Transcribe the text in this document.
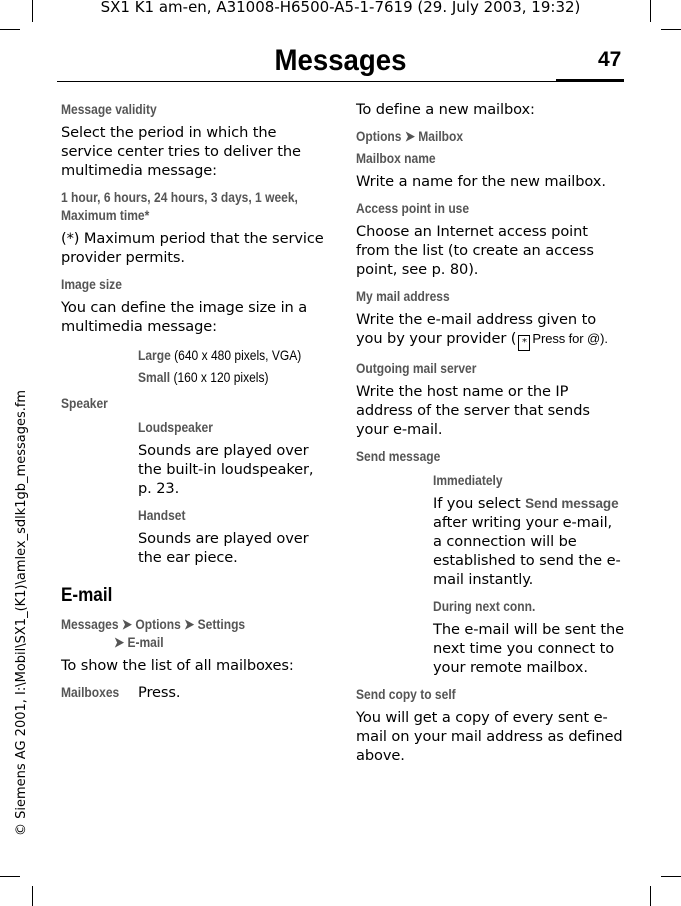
SX1 K1 am-en, A31008-H6500-A5-1-7619 (29. July 2003, 19:32)
Messages	47
© Siemens AG 2001, I:\Mobil\SX1_(K1)\amlex_sdlk1gb_messages.fm
Message validity
Select the period in which the service center tries to deliver the multimedia message:
1 hour, 6 hours, 24 hours, 3 days, 1 week, Maximum time*
(*) Maximum period that the service provider permits.
Image size
You can define the image size in a multimedia message:
Large (640 x 480 pixels, VGA)
Small (160 x 120 pixels)
Speaker
Loudspeaker
Sounds are played over the built-in loudspeaker, p. 23.
Handset
Sounds are played over the ear piece.
E-mail
Messages ➤ Options ➤ Settings
➤ E-mail
To show the list of all mailboxes:
Mailboxes	Press.
To define a new mailbox:
Options ➤ Mailbox
Mailbox name
Write a name for the new mailbox.
Access point in use
Choose an Internet access point from the list (to create an access point, see p. 80).
My mail address
Write the e-mail address given to you by your provider ( * Press for @).
Outgoing mail server
Write the host name or the IP address of the server that sends your e-mail.
Send message
Immediately
If you select Send message after writing your e-mail, a connection will be established to send the e-mail instantly.
During next conn.
The e-mail will be sent the next time you connect to your remote mailbox.
Send copy to self
You will get a copy of every sent e-mail on your mail address as defined above.
